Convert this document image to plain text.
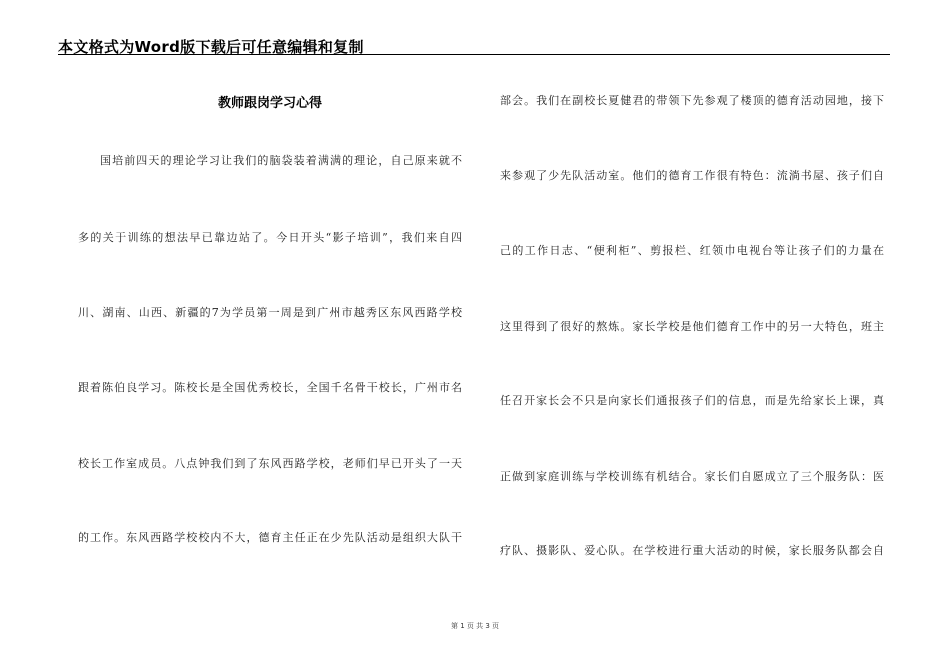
本文格式为Word版下载后可任意编辑和复制
教师跟岗学习心得
国培前四天的理论学习让我们的脑袋装着满满的理论，自己原来就不
多的关于训练的想法早已靠边站了。今日开头“影子培训”，我们来自四
川、湖南、山西、新疆的7为学员第一周是到广州市越秀区东风西路学校
跟着陈伯良学习。陈校长是全国优秀校长，全国千名骨干校长，广州市名
校长工作室成员。八点钟我们到了东风西路学校，老师们早已开头了一天
的工作。东风西路学校校内不大，德育主任正在少先队活动是组织大队干
部会。我们在副校长夏健君的带领下先参观了楼顶的德育活动园地，接下
来参观了少先队活动室。他们的德育工作很有特色：流淌书屋、孩子们自
己的工作日志、“便利柜”、剪报栏、红领巾电视台等让孩子们的力量在
这里得到了很好的熬炼。家长学校是他们德育工作中的另一大特色，班主
任召开家长会不只是向家长们通报孩子们的信息，而是先给家长上课，真
正做到家庭训练与学校训练有机结合。家长们自愿成立了三个服务队：医
疗队、摄影队、爱心队。在学校进行重大活动的时候，家长服务队都会自
第 1 页 共 3 页
